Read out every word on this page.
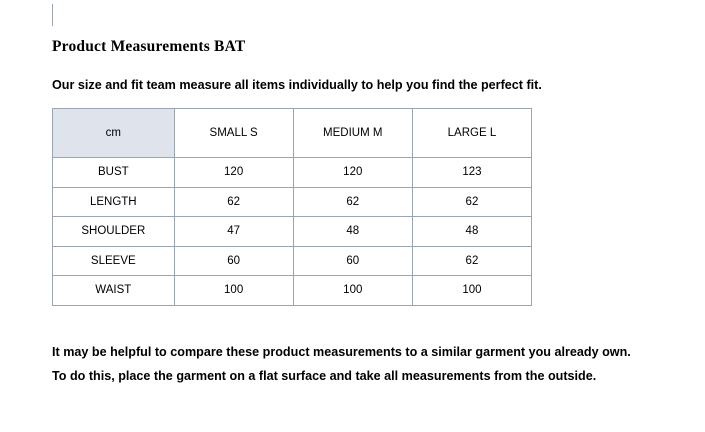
Product Measurements BAT
Our size and fit team measure all items individually to help you find the perfect fit.
cm	SMALL S	MEDIUM M	LARGE L
BUST	120	120	123
LENGTH	62	62	62
SHOULDER	47	48	48
SLEEVE	60	60	62
WAIST	100	100	100
It may be helpful to compare these product measurements to a similar garment you already own.
To do this, place the garment on a flat surface and take all measurements from the outside.
